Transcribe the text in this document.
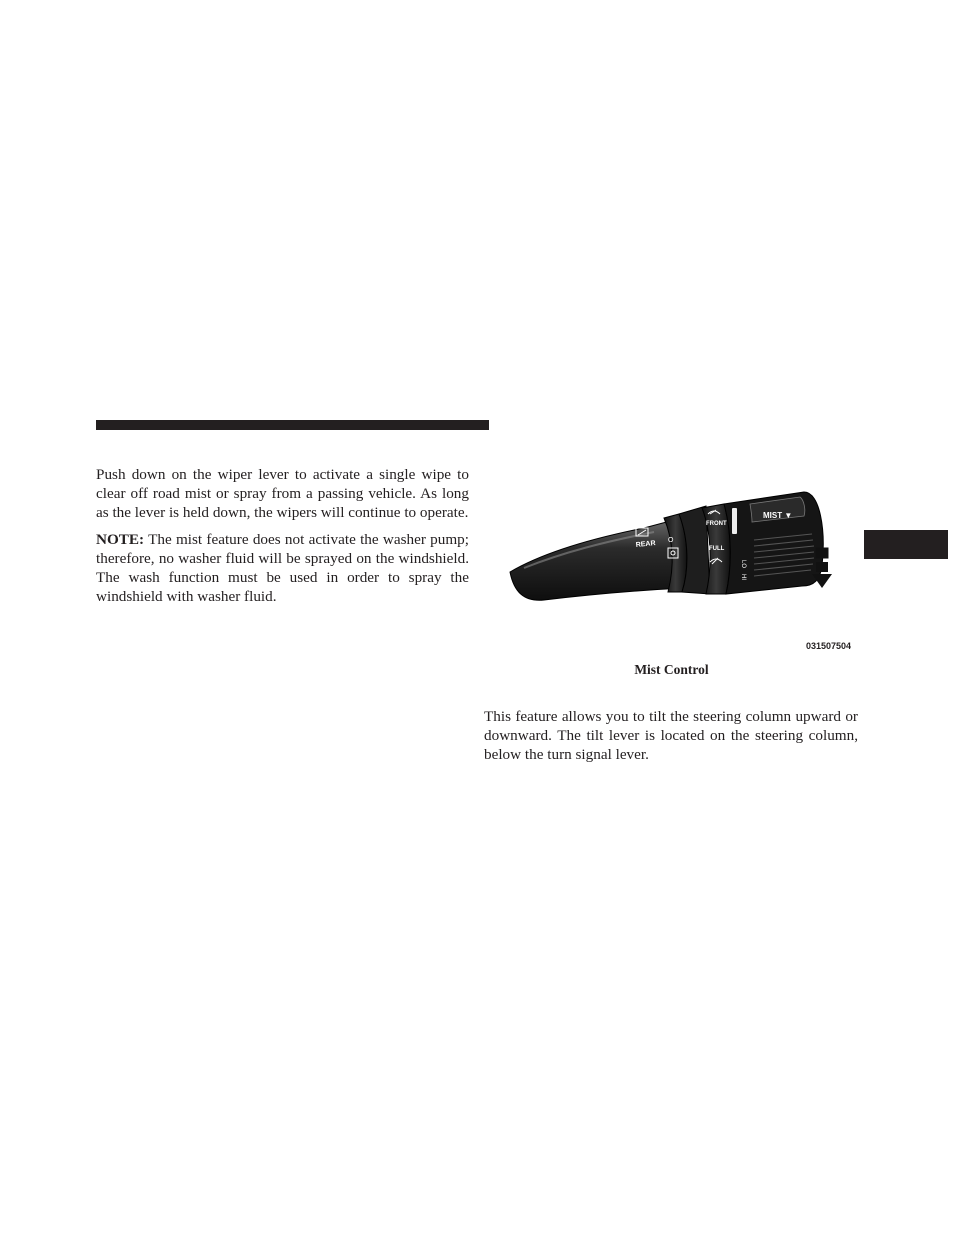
Push down on the wiper lever to activate a single wipe to clear off road mist or spray from a passing vehicle. As long as the lever is held down, the wipers will continue to operate.

NOTE: The mist feature does not activate the washer pump; therefore, no washer fluid will be sprayed on the windshield. The wash function must be used in order to spray the windshield with washer fluid.

MIST ▼
REAR
FRONT
FULL
LO
HI
O
O
031507504
Mist Control

This feature allows you to tilt the steering column upward or downward. The tilt lever is located on the steering column, below the turn signal lever.
